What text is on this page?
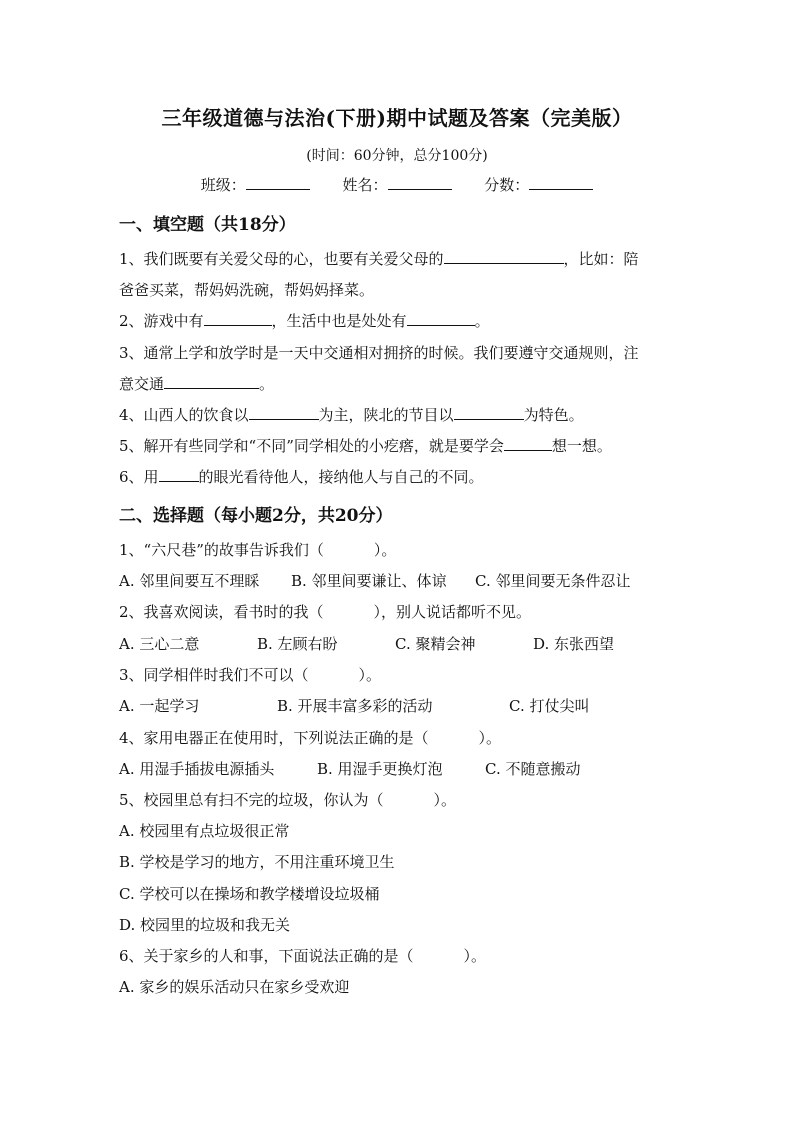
三年级道德与法治(下册)期中试题及答案（完美版）
(时间：60分钟，总分100分)
班级：	姓名：	分数：
一、填空题（共18分）
1、我们既要有关爱父母的心，也要有关爱父母的	，比如：陪
爸爸买菜，帮妈妈洗碗，帮妈妈择菜。
2、游戏中有	，生活中也是处处有	。
3、通常上学和放学时是一天中交通相对拥挤的时候。我们要遵守交通规则，注
意交通	。
4、山西人的饮食以	为主，陕北的节目以	为特色。
5、解开有些同学和“不同”同学相处的小疙瘩，就是要学会	想一想。
6、用	的眼光看待他人，接纳他人与自己的不同。
二、选择题（每小题2分，共20分）
1、“六尺巷”的故事告诉我们（	）。
A. 邻里间要互不理睬 B. 邻里间要谦让、体谅 C. 邻里间要无条件忍让
2、我喜欢阅读，看书时的我（	），别人说话都听不见。
A. 三心二意	B. 左顾右盼	C. 聚精会神	D. 东张西望
3、同学相伴时我们不可以（	）。
A. 一起学习	B. 开展丰富多彩的活动	C. 打仗尖叫
4、家用电器正在使用时，下列说法正确的是（	）。
A. 用湿手插拔电源插头	B. 用湿手更换灯泡	C. 不随意搬动
5、校园里总有扫不完的垃圾，你认为（	）。
A. 校园里有点垃圾很正常
B. 学校是学习的地方，不用注重环境卫生
C. 学校可以在操场和教学楼增设垃圾桶
D. 校园里的垃圾和我无关
6、关于家乡的人和事，下面说法正确的是（	）。
A. 家乡的娱乐活动只在家乡受欢迎
